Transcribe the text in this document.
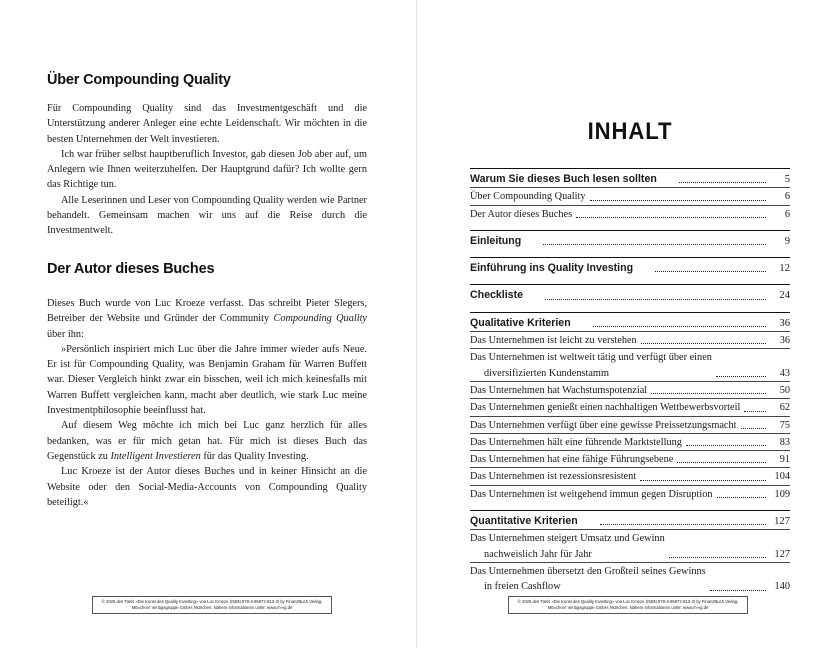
Über Compounding Quality

Für Compounding Quality sind das Investmentgeschäft und die Unterstützung anderer Anleger eine echte Leidenschaft. Wir möchten in die besten Unternehmen der Welt investieren.

Ich war früher selbst hauptberuflich Investor, gab diesen Job aber auf, um Anlegern wie Ihnen weiterzuhelfen. Der Hauptgrund dafür? Ich wollte gern das Richtige tun.

Alle Leserinnen und Leser von Compounding Quality werden wie Partner behandelt. Gemeinsam machen wir uns auf die Reise durch die Investmentwelt.

Der Autor dieses Buches

Dieses Buch wurde von Luc Kroeze verfasst. Das schreibt Pieter Slegers, Betreiber der Website und Gründer der Community Compounding Quality über ihn:

»Persönlich inspiriert mich Luc über die Jahre immer wieder aufs Neue. Er ist für Compounding Quality, was Benjamin Graham für Warren Buffett war. Dieser Vergleich hinkt zwar ein bisschen, weil ich mich keinesfalls mit Warren Buffett vergleichen kann, macht aber deutlich, wie stark Luc meine Investmentphilosophie beeinflusst hat.

Auf diesem Weg möchte ich mich bei Luc ganz herzlich für alles bedanken, was er für mich getan hat. Für mich ist dieses Buch das Gegenstück zu Intelligent Investieren für das Quality Investing.

Luc Kroeze ist der Autor dieses Buches und in keiner Hinsicht an die Website oder den Social-Media-Accounts von Compounding Quality beteiligt.«

© 2025 des Titels »Die Kunst des Quality Investing« von Luc Kroeze (ISBN 978-3-95972-813-3) by FinanzBuch Verlag,
Münchner Verlagsgruppe GmbH, München. Nähere Informationen unter: www.m-vg.de
INHALT
Warum Sie dieses Buch lesen sollten	5
Über Compounding Quality	6
Der Autor dieses Buches	6
Einleitung	9
Einführung ins Quality Investing	12
Checkliste	24
Qualitative Kriterien	36
Das Unternehmen ist leicht zu verstehen	36
Das Unternehmen ist weltweit tätig und verfügt über einen
diversifizierten Kundenstamm	43
Das Unternehmen hat Wachstumspotenzial	50
Das Unternehmen genießt einen nachhaltigen Wettbewerbsvorteil	62
Das Unternehmen verfügt über eine gewisse Preissetzungsmacht	75
Das Unternehmen hält eine führende Marktstellung	83
Das Unternehmen hat eine fähige Führungsebene	91
Das Unternehmen ist rezessionsresistent	104
Das Unternehmen ist weitgehend immun gegen Disruption	109
Quantitative Kriterien	127
Das Unternehmen steigert Umsatz und Gewinn
nachweislich Jahr für Jahr	127
Das Unternehmen übersetzt den Großteil seines Gewinns
in freien Cashflow	140
© 2025 des Titels »Die Kunst des Quality Investing« von Luc Kroeze (ISBN 978-3-95972-813-3) by FinanzBuch Verlag,
Münchner Verlagsgruppe GmbH, München. Nähere Informationen unter: www.m-vg.de
